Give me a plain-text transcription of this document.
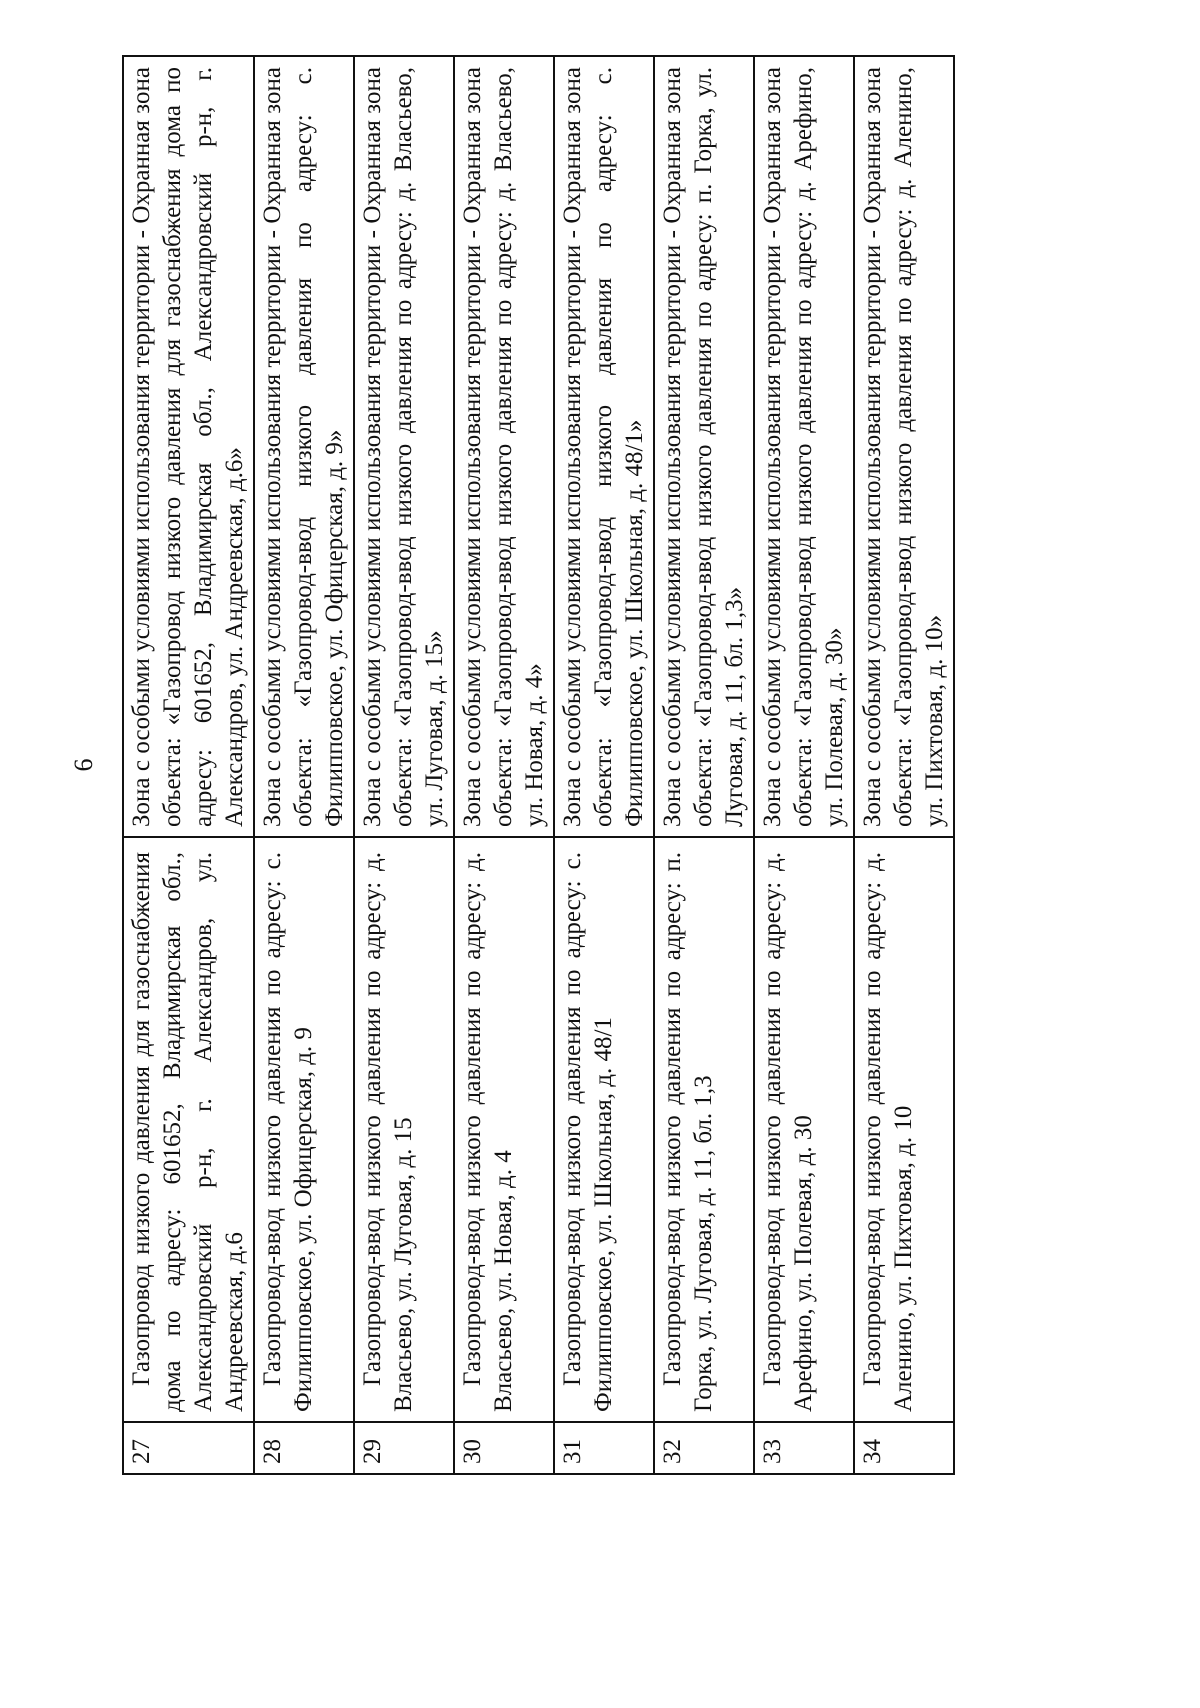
6
27	Газопровод низкого давления для газоснабжения дома по адресу: 601652, Владимирская обл., Александровский р-н, г. Александров, ул. Андреевская, д.6	Зона с особыми условиями использования территории - Охранная зона объекта: «Газопровод низкого давления для газоснабжения дома по адресу: 601652, Владимирская обл., Александровский р-н, г. Александров, ул. Андреевская, д.6»
28	Газопровод-ввод низкого давления по адресу: с. Филипповское, ул. Офицерская, д. 9	Зона с особыми условиями использования территории - Охранная зона объекта: «Газопровод-ввод низкого давления по адресу: с. Филипповское, ул. Офицерская, д. 9»
29	Газопровод-ввод низкого давления по адресу: д. Власьево, ул. Луговая, д. 15	Зона с особыми условиями использования территории - Охранная зона объекта: «Газопровод-ввод низкого давления по адресу: д. Власьево, ул. Луговая, д. 15»
30	Газопровод-ввод низкого давления по адресу: д. Власьево, ул. Новая, д. 4	Зона с особыми условиями использования территории - Охранная зона объекта: «Газопровод-ввод низкого давления по адресу: д. Власьево, ул. Новая, д. 4»
31	Газопровод-ввод низкого давления по адресу: с. Филипповское, ул. Школьная, д. 48/1	Зона с особыми условиями использования территории - Охранная зона объекта: «Газопровод-ввод низкого давления по адресу: с. Филипповское, ул. Школьная, д. 48/1»
32	Газопровод-ввод низкого давления по адресу: п. Горка, ул. Луговая, д. 11, бл. 1,3	Зона с особыми условиями использования территории - Охранная зона объекта: «Газопровод-ввод низкого давления по адресу: п. Горка, ул. Луговая, д. 11, бл. 1,3»
33	Газопровод-ввод низкого давления по адресу: д. Арефино, ул. Полевая, д. 30	Зона с особыми условиями использования территории - Охранная зона объекта: «Газопровод-ввод низкого давления по адресу: д. Арефино, ул. Полевая, д. 30»
34	Газопровод-ввод низкого давления по адресу: д. Аленино, ул. Пихтовая, д. 10	Зона с особыми условиями использования территории - Охранная зона объекта: «Газопровод-ввод низкого давления по адресу: д. Аленино, ул. Пихтовая, д. 10»
